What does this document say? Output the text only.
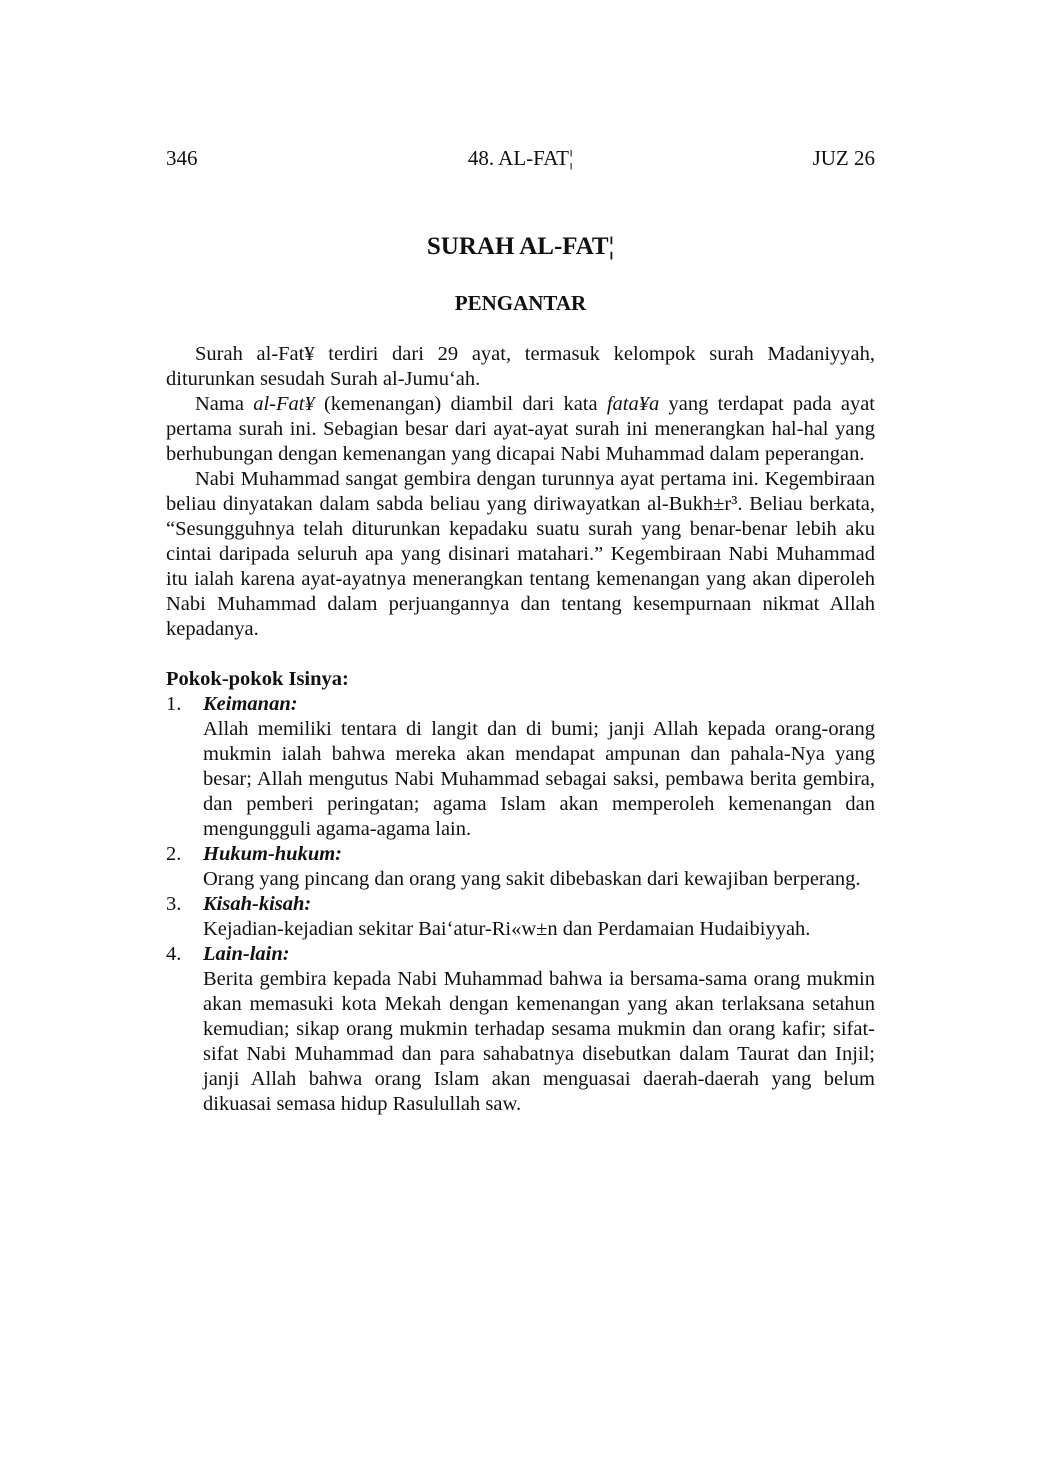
346	48. AL-FAT¦	JUZ 26
SURAH AL-FAT¦
PENGANTAR

Surah al-Fat¥ terdiri dari 29 ayat, termasuk kelompok surah Madaniyyah, diturunkan sesudah Surah al-Jumu‘ah.

Nama al-Fat¥ (kemenangan) diambil dari kata fata¥a yang terdapat pada ayat pertama surah ini. Sebagian besar dari ayat-ayat surah ini menerangkan hal-hal yang berhubungan dengan kemenangan yang dicapai Nabi Muhammad dalam peperangan.

Nabi Muhammad sangat gembira dengan turunnya ayat pertama ini. Kegembiraan beliau dinyatakan dalam sabda beliau yang diriwayatkan al-Bukh±r³. Beliau berkata, “Sesungguhnya telah diturunkan kepadaku suatu surah yang benar-benar lebih aku cintai daripada seluruh apa yang disinari matahari.” Kegembiraan Nabi Muhammad itu ialah karena ayat-ayatnya menerangkan tentang kemenangan yang akan diperoleh Nabi Muhammad dalam perjuangannya dan tentang kesempurnaan nikmat Allah kepadanya.

Pokok-pokok Isinya:
1. Keimanan:
Allah memiliki tentara di langit dan di bumi; janji Allah kepada orang-orang mukmin ialah bahwa mereka akan mendapat ampunan dan pahala-Nya yang besar; Allah mengutus Nabi Muhammad sebagai saksi, pembawa berita gembira, dan pemberi peringatan; agama Islam akan memperoleh kemenangan dan mengungguli agama-agama lain.
2. Hukum-hukum:
Orang yang pincang dan orang yang sakit dibebaskan dari kewajiban berperang.
3. Kisah-kisah:
Kejadian-kejadian sekitar Bai‘atur-Ri«w±n dan Perdamaian Hudaibiyyah.
4. Lain-lain:
Berita gembira kepada Nabi Muhammad bahwa ia bersama-sama orang mukmin akan memasuki kota Mekah dengan kemenangan yang akan terlaksana setahun kemudian; sikap orang mukmin terhadap sesama mukmin dan orang kafir; sifat-sifat Nabi Muhammad dan para sahabatnya disebutkan dalam Taurat dan Injil; janji Allah bahwa orang Islam akan menguasai daerah-daerah yang belum dikuasai semasa hidup Rasulullah saw.
